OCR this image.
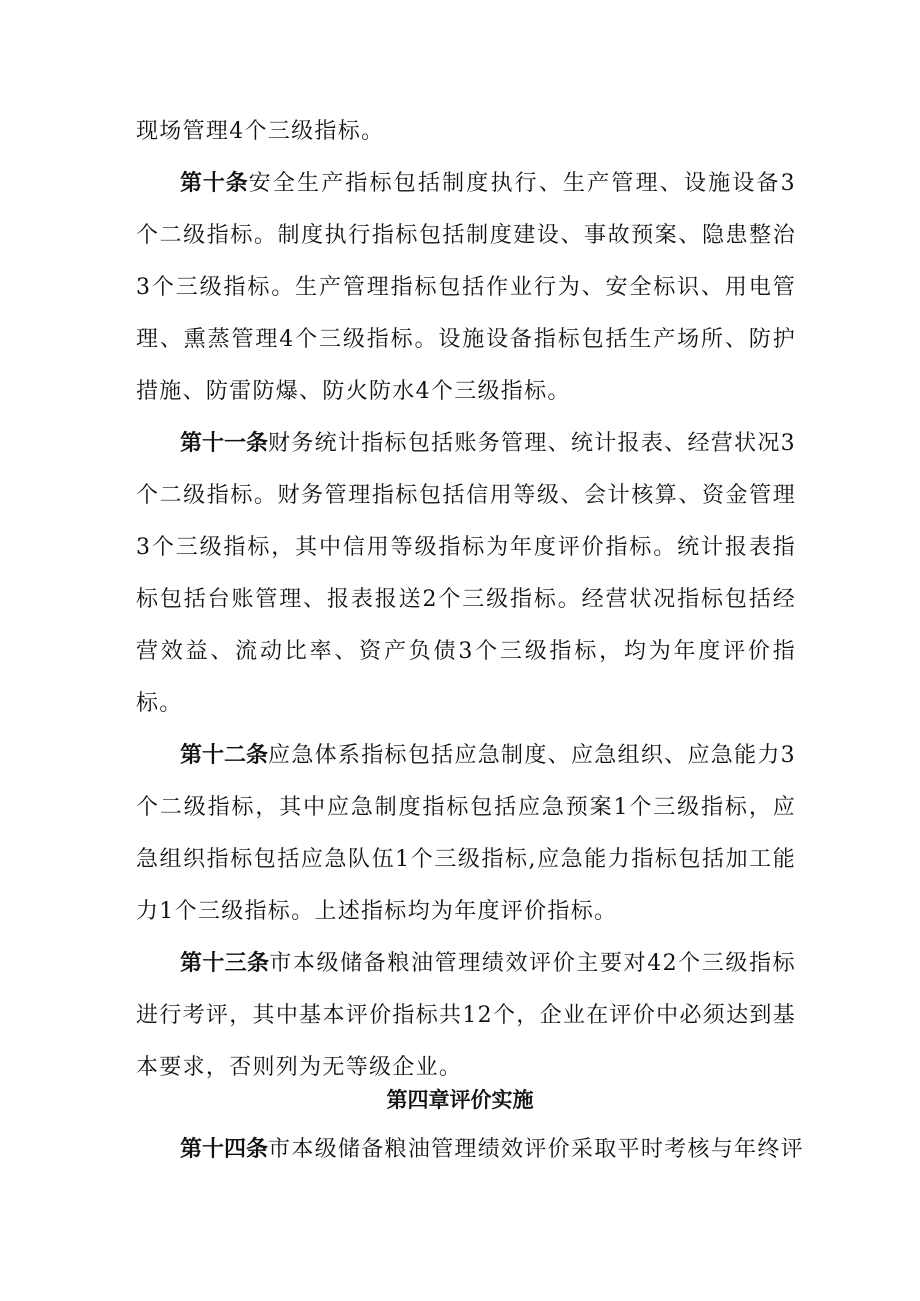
现场管理4个三级指标。

第十条安全生产指标包括制度执行、生产管理、设施设备3个二级指标。制度执行指标包括制度建设、事故预案、隐患整治3个三级指标。生产管理指标包括作业行为、安全标识、用电管理、熏蒸管理4个三级指标。设施设备指标包括生产场所、防护措施、防雷防爆、防火防水4个三级指标。

第十一条财务统计指标包括账务管理、统计报表、经营状况3个二级指标。财务管理指标包括信用等级、会计核算、资金管理3个三级指标，其中信用等级指标为年度评价指标。统计报表指标包括台账管理、报表报送2个三级指标。经营状况指标包括经营效益、流动比率、资产负债3个三级指标，均为年度评价指标。

第十二条应急体系指标包括应急制度、应急组织、应急能力3个二级指标，其中应急制度指标包括应急预案1个三级指标，应急组织指标包括应急队伍1个三级指标,应急能力指标包括加工能力1个三级指标。上述指标均为年度评价指标。

第十三条市本级储备粮油管理绩效评价主要对42个三级指标进行考评，其中基本评价指标共12个，企业在评价中必须达到基本要求，否则列为无等级企业。

第四章评价实施
第十四条市本级储备粮油管理绩效评价采取平时考核与年终评
